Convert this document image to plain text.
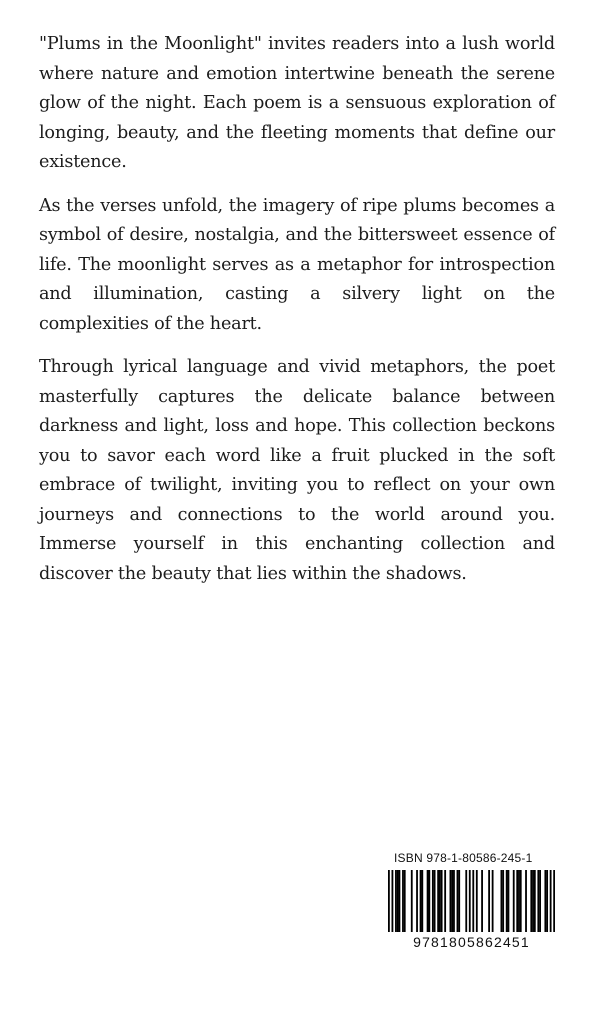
"Plums in the Moonlight" invites readers into a lush world where nature and emotion intertwine beneath the serene glow of the night. Each poem is a sensuous exploration of longing, beauty, and the fleeting moments that define our existence.

As the verses unfold, the imagery of ripe plums becomes a symbol of desire, nostalgia, and the bittersweet essence of life. The moonlight serves as a metaphor for introspection and illumination, casting a silvery light on the complexities of the heart.

Through lyrical language and vivid metaphors, the poet masterfully captures the delicate balance between darkness and light, loss and hope. This collection beckons you to savor each word like a fruit plucked in the soft embrace of twilight, inviting you to reflect on your own journeys and connections to the world around you. Immerse yourself in this enchanting collection and discover the beauty that lies within the shadows.

ISBN 978-1-80586-245-1
9781805862451
